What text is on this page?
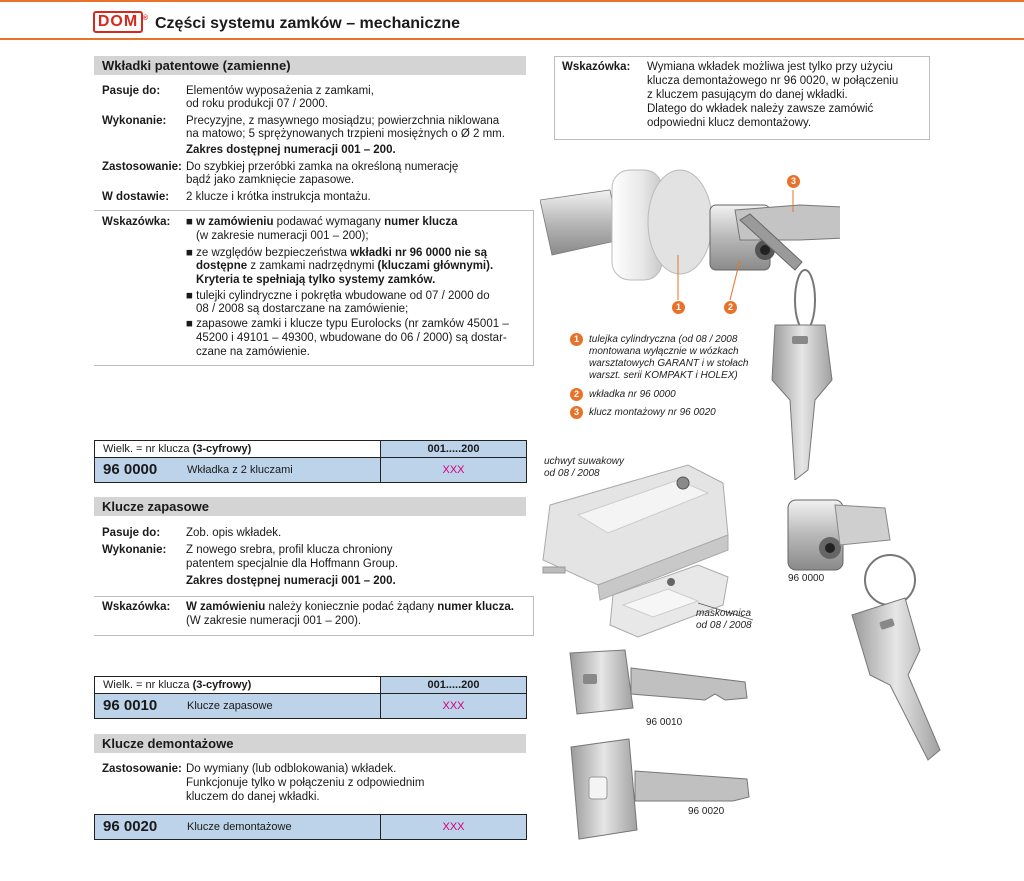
DOM ® Części systemu zamków – mechaniczne
Wkładki patentowe (zamienne)
Pasuje do: Elementów wyposażenia z zamkami,
od roku produkcji 07 / 2000.
Wykonanie: Precyzyjne, z masywnego mosiądzu; powierzchnia niklowana
na matowo; 5 sprężynowanych trzpieni mosiężnych o Ø 2 mm.
Zakres dostępnej numeracji 001 – 200.
Zastosowanie: Do szybkiej przeróbki zamka na określoną numerację
bądź jako zamknięcie zapasowe.
W dostawie: 2 klucze i krótka instrukcja montażu.
Wskazówka: ■ w zamówieniu podawać wymagany numer klucza
(w zakresie numeracji 001 – 200);
■ ze względów bezpieczeństwa wkładki nr 96 0000 nie są
dostępne z zamkami nadrzędnymi (kluczami głównymi).
Kryteria te spełniają tylko systemy zamków.
■ tulejki cylindryczne i pokrętła wbudowane od 07 / 2000 do
08 / 2008 są dostarczane na zamówienie;
■ zapasowe zamki i klucze typu Eurolocks (nr zamków 45001 –
45200 i 49101 – 49300, wbudowane do 06 / 2000) są dostar-
czane na zamówienie.
Wielk. = nr klucza (3-cyfrowy)	001.....200
96 0000	Wkładka z 2 kluczami	XXX
Klucze zapasowe
Pasuje do: Zob. opis wkładek.
Wykonanie: Z nowego srebra, profil klucza chroniony
patentem specjalnie dla Hoffmann Group.
Zakres dostępnej numeracji 001 – 200.
Wskazówka: W zamówieniu należy koniecznie podać żądany numer klucza.
(W zakresie numeracji 001 – 200).
Wielk. = nr klucza (3-cyfrowy)	001.....200
96 0010	Klucze zapasowe	XXX
Klucze demontażowe
Zastosowanie: Do wymiany (lub odblokowania) wkładek.
Funkcjonuje tylko w połączeniu z odpowiednim
kluczem do danej wkładki.
96 0020	Klucze demontażowe	XXX
Wskazówka: Wymiana wkładek możliwa jest tylko przy użyciu
klucza demontażowego nr 96 0020, w połączeniu
z kluczem pasującym do danej wkładki.
Dlatego do wkładek należy zawsze zamówić
odpowiedni klucz demontażowy.
1	2
3
1	tulejka cylindryczna (od 08 / 2008
montowana wyłącznie w wózkach
warsztatowych GARANT i w stołach
warszt. serii KOMPAKT i HOLEX)
2	wkładka nr 96 0000
3	klucz montażowy nr 96 0020
uchwyt suwakowy
od 08 / 2008
maskownica
od 08 / 2008
96 0000
96 0010
96 0020
